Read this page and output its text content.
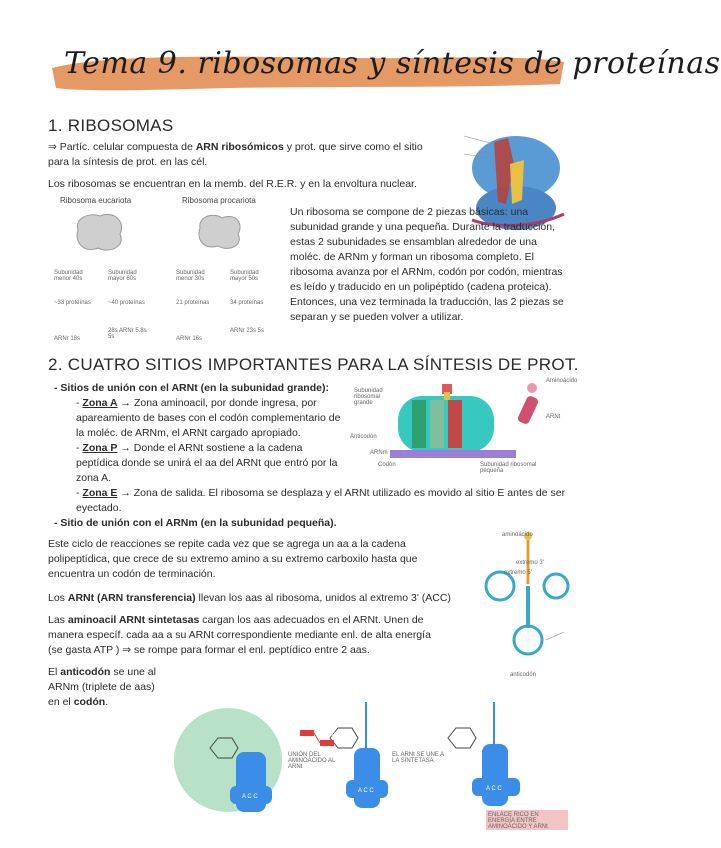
Tema 9. ribosomas y síntesis de proteínas
1. RIBOSOMAS
⇒ Partíc. celular compuesta de ARN ribosómicos y prot. que sirve como el sitio para la síntesis de prot. en las cél.
Los ribosomas se encuentran en la memb. del R.E.R. y en la envoltura nuclear.
Ribosoma eucariota	Ribosoma procariota
Subunidad menor 40s
Subunidad mayor 60s
Subunidad menor 30s
Subunidad mayor 50s
~33 proteínas	~40 proteínas	21 proteínas	34 proteínas
ARNr 18s
28s ARNr 5.8s 5s	ARNr 16s
ARNr 23s 5s
Un ribosoma se compone de 2 piezas básicas: una subunidad grande y una pequeña. Durante la traducción, estas 2 subunidades se ensamblan alrededor de una moléc. de ARNm y forman un ribosoma completo. El ribosoma avanza por el ARNm, codón por codón, mientras es leído y traducido en un polipéptido (cadena proteica). Entonces, una vez terminada la traducción, las 2 piezas se separan y se pueden volver a utilizar.
2. CUATRO SITIOS IMPORTANTES PARA LA SÍNTESIS DE PROT.
- Sitios de unión con el ARNt (en la subunidad grande):
- Zona A → Zona aminoacil, por donde ingresa, por apareamiento de bases con el codón complementario de la moléc. de ARNm, el ARNt cargado apropiado.
- Zona P → Donde el ARNt sostiene a la cadena peptídica donde se unirá el aa del ARNt que entró por la zona A.
- Zona E → Zona de salida. El ribosoma se desplaza y el ARNt utilizado es movido al sitio E antes de ser eyectado.
- Sitio de unión con el ARNm (en la subunidad pequeña).
Subunidad ribosomal grande
Aminoácido
ARNt
Anticodón
ARNm
Codón	Subunidad ribosomal pequeña
Este ciclo de reacciones se repite cada vez que se agrega un aa a la cadena polipeptídica, que crece de su extremo amino a su extremo carboxilo hasta que encuentra un codón de terminación.
Los ARNt (ARN transferencia) llevan los aas al ribosoma, unidos al extremo 3' (ACC)
Las aminoacil ARNt sintetasas cargan los aas adecuados en el ARNt. Unen de manera específ. cada aa a su ARNt correspondiente mediante enl. de alta energía (se gasta ATP ) ⇒ se rompe para formar el enl. peptídico entre 2 aas.
El anticodón se une al ARNm (triplete de aas) en el codón.
aminoácido
extremo 3'
extremo 5'
anticodón
ATP
AMP
UNIÓN DEL AMINOÁCIDO AL ARNt
EL ARNt SE UNE A LA SINTETASA
ENLACE RICO EN ENERGÍA ENTRE AMINOÁCIDO Y ARNt
A C C
A C C	A C C
